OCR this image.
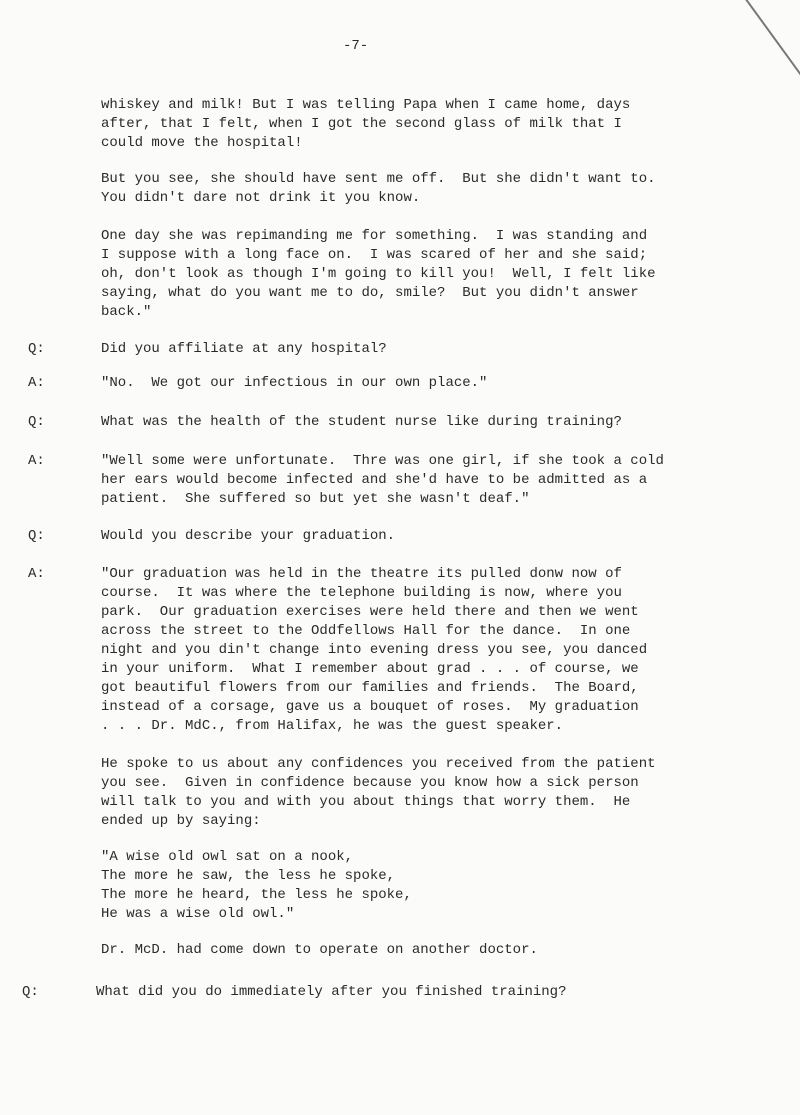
-7-
whiskey and milk! But I was telling Papa when I came home, days
after, that I felt, when I got the second glass of milk that I
could move the hospital!
But you see, she should have sent me off.  But she didn't want to.
You didn't dare not drink it you know.
One day she was repimanding me for something.  I was standing and
I suppose with a long face on.  I was scared of her and she said;
oh, don't look as though I'm going to kill you!  Well, I felt like
saying, what do you want me to do, smile?  But you didn't answer
back."
Q:	Did you affiliate at any hospital?
A:	"No.  We got our infectious in our own place."
Q:	What was the health of the student nurse like during training?
A:	"Well some were unfortunate.  Thre was one girl, if she took a cold
her ears would become infected and she'd have to be admitted as a
patient.  She suffered so but yet she wasn't deaf."
Q:	Would you describe your graduation.
A:	"Our graduation was held in the theatre its pulled donw now of
course.  It was where the telephone building is now, where you
park.  Our graduation exercises were held there and then we went
across the street to the Oddfellows Hall for the dance.  In one
night and you din't change into evening dress you see, you danced
in your uniform.  What I remember about grad . . . of course, we
got beautiful flowers from our families and friends.  The Board,
instead of a corsage, gave us a bouquet of roses.  My graduation
. . . Dr. MdC., from Halifax, he was the guest speaker.
He spoke to us about any confidences you received from the patient
you see.  Given in confidence because you know how a sick person
will talk to you and with you about things that worry them.  He
ended up by saying:
"A wise old owl sat on a nook,
The more he saw, the less he spoke,
The more he heard, the less he spoke,
He was a wise old owl."
Dr. McD. had come down to operate on another doctor.
Q:	What did you do immediately after you finished training?
